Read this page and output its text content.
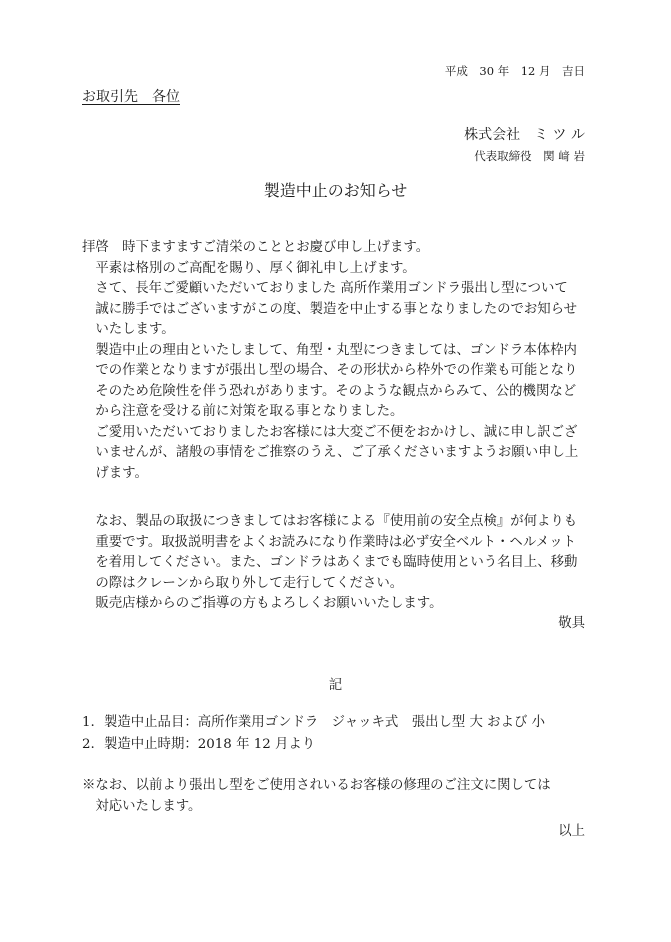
平成　30 年　12 月　吉日
お取引先　各位
株式会社　ミ ツ ル
代表取締役　関 﨑 岩
製造中止のお知らせ

拝啓　時下ますますご清栄のこととお慶び申し上げます。

　平素は格別のご高配を賜り、厚く御礼申し上げます。

　さて、長年ご愛顧いただいておりました 高所作業用ゴンドラ張出し型について

　誠に勝手ではございますがこの度、製造を中止する事となりましたのでお知らせ

　いたします。

　製造中止の理由といたしまして、角型・丸型につきましては、ゴンドラ本体枠内

　での作業となりますが張出し型の場合、その形状から枠外での作業も可能となり

　そのため危険性を伴う恐れがあります。そのような観点からみて、公的機関など

　から注意を受ける前に対策を取る事となりました。

　ご愛用いただいておりましたお客様には大変ご不便をおかけし、誠に申し訳ござ

　いませんが、諸般の事情をご推察のうえ、ご了承くださいますようお願い申し上

　げます。

　なお、製品の取扱につきましてはお客様による『使用前の安全点検』が何よりも

　重要です。取扱説明書をよくお読みになり作業時は必ず安全ベルト・ヘルメット

　を着用してください。また、ゴンドラはあくまでも臨時使用という名目上、移動

　の際はクレーンから取り外して走行してください。

　販売店様からのご指導の方もよろしくお願いいたします。

敬具
記
1. 製造中止品目：高所作業用ゴンドラ　ジャッキ式　張出し型 大 および 小
2. 製造中止時期：2018 年 12 月より

※なお、以前より張出し型をご使用されいるお客様の修理のご注文に関しては

　対応いたします。

以上
